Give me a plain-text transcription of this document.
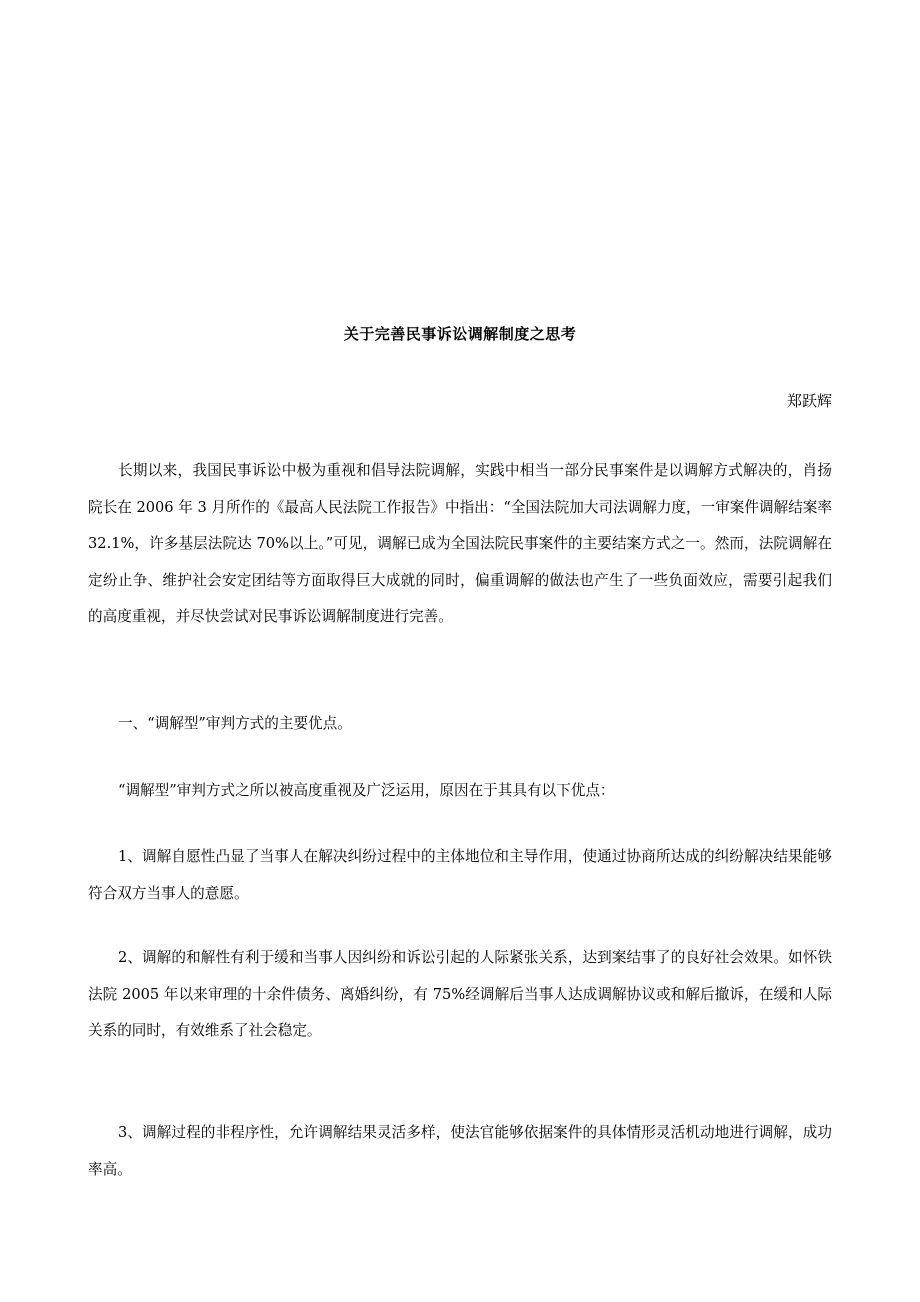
关于完善民事诉讼调解制度之思考
郑跃辉

长期以来，我国民事诉讼中极为重视和倡导法院调解，实践中相当一部分民事案件是以调解方式解决的，肖扬院长在 2006 年 3 月所作的《最高人民法院工作报告》中指出：“全国法院加大司法调解力度，一审案件调解结案率 32.1%，许多基层法院达 70%以上。”可见，调解已成为全国法院民事案件的主要结案方式之一。然而，法院调解在定纷止争、维护社会安定团结等方面取得巨大成就的同时，偏重调解的做法也产生了一些负面效应，需要引起我们的高度重视，并尽快尝试对民事诉讼调解制度进行完善。

一、“调解型”审判方式的主要优点。

“调解型”审判方式之所以被高度重视及广泛运用，原因在于其具有以下优点：

1、调解自愿性凸显了当事人在解决纠纷过程中的主体地位和主导作用，使通过协商所达成的纠纷解决结果能够符合双方当事人的意愿。

2、调解的和解性有利于缓和当事人因纠纷和诉讼引起的人际紧张关系，达到案结事了的良好社会效果。如怀铁法院 2005 年以来审理的十余件债务、离婚纠纷，有 75%经调解后当事人达成调解协议或和解后撤诉，在缓和人际关系的同时，有效维系了社会稳定。

3、调解过程的非程序性，允许调解结果灵活多样，使法官能够依据案件的具体情形灵活机动地进行调解，成功率高。
